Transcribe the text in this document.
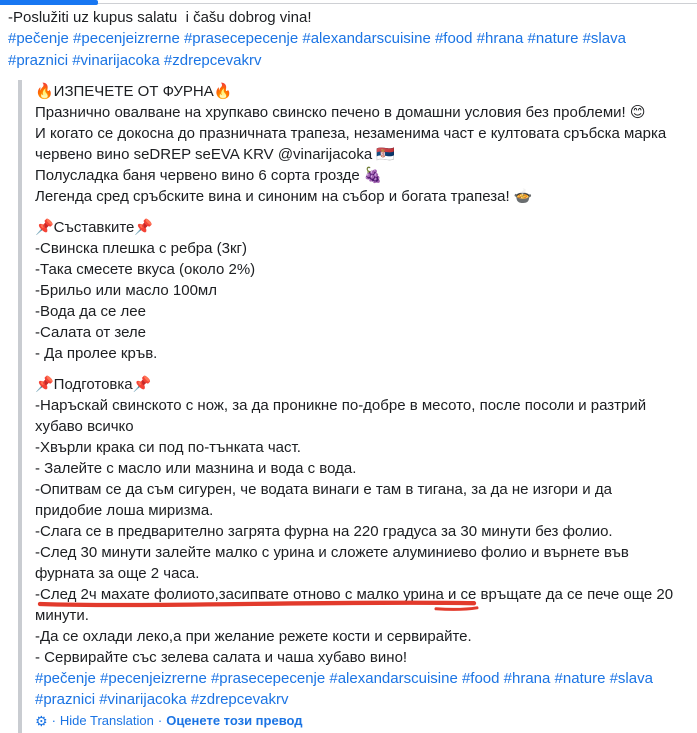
-Poslužiti uz kupus salatu  i čašu dobrog vina!
#pečenje #pecenjeizrerne #prasecepecenje #alexandarscuisine #food #hrana #nature #slava #praznici #vinarijacoka #zdrepcevakrv
🔥ИЗПЕЧЕТЕ ОТ ФУРНА🔥
Празнично овалване на хрупкаво свинско печено в домашни условия без проблеми! 😊
И когато се докосна до празничната трапеза, незаменима част е култовата сръбска марка червено вино seDREP seEVA KRV @vinarijacoka 🇷🇸
Полусладка баня червено вино 6 сорта грозде 🍇
Легенда сред сръбските вина и синоним на събор и богата трапеза! 🍲
📌Съставките📌
-Свинска плешка с ребра (3кг)
-Така смесете вкуса (около 2%)
-Брильо или масло 100мл
-Вода да се лее
-Салата от зеле
- Да пролее кръв.
📌Подготовка📌
-Наръскай свинското с нож, за да проникне по-добре в месото, после посоли и разтрий хубаво всичко
-Хвърли крака си под по-тънката част.
- Залейте с масло или мазнина и вода с вода.
-Опитвам се да съм сигурен, че водата винаги е там в тигана, за да не изгори и да придобие лоша миризма.
-Слага се в предварително загрята фурна на 220 градуса за 30 минути без фолио.
-След 30 минути залейте малко с урина и сложете алуминиево фолио и върнете във фурната за още 2 часа.
-След 2ч махате фолиото,засипвате отново с малко урина и се връщате да се пече още 20 минути.
-Да се охлади леко,а при желание режете кости и сервирайте.
- Сервирайте със зелева салата и чаша хубаво вино!
#pečenje #pecenjeizrerne #prasecepecenje #alexandarscuisine #food #hrana #nature #slava #praznici #vinarijacoka #zdrepcevakrv
⚙ · Hide Translation · Оценете този превод
